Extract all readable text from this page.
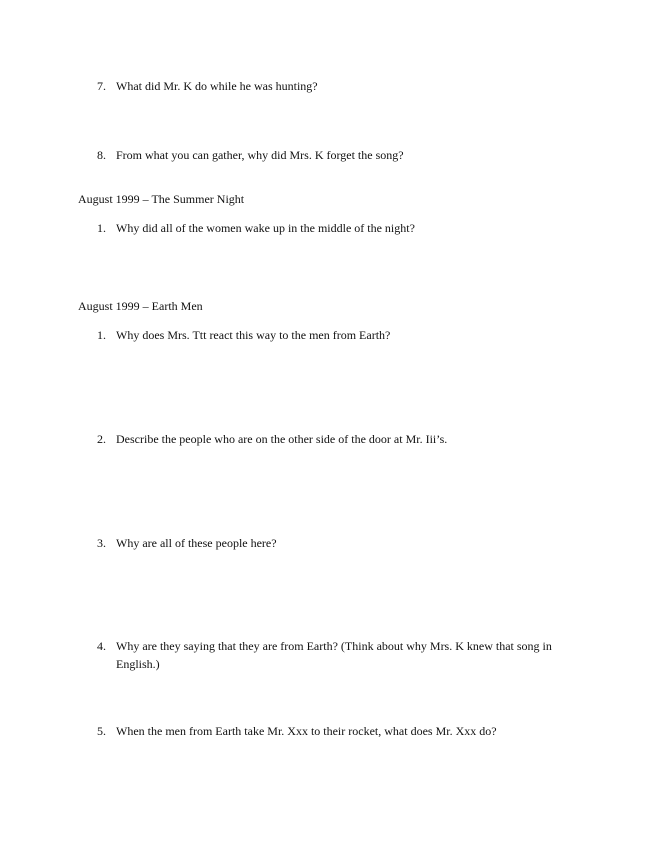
7. What did Mr. K do while he was hunting?
8. From what you can gather, why did Mrs. K forget the song?
August 1999 – The Summer Night
1. Why did all of the women wake up in the middle of the night?
August 1999 – Earth Men
1. Why does Mrs. Ttt react this way to the men from Earth?
2. Describe the people who are on the other side of the door at Mr. Iii’s.
3. Why are all of these people here?
4. Why are they saying that they are from Earth? (Think about why Mrs. K knew that song in English.)
5. When the men from Earth take Mr. Xxx to their rocket, what does Mr. Xxx do?
